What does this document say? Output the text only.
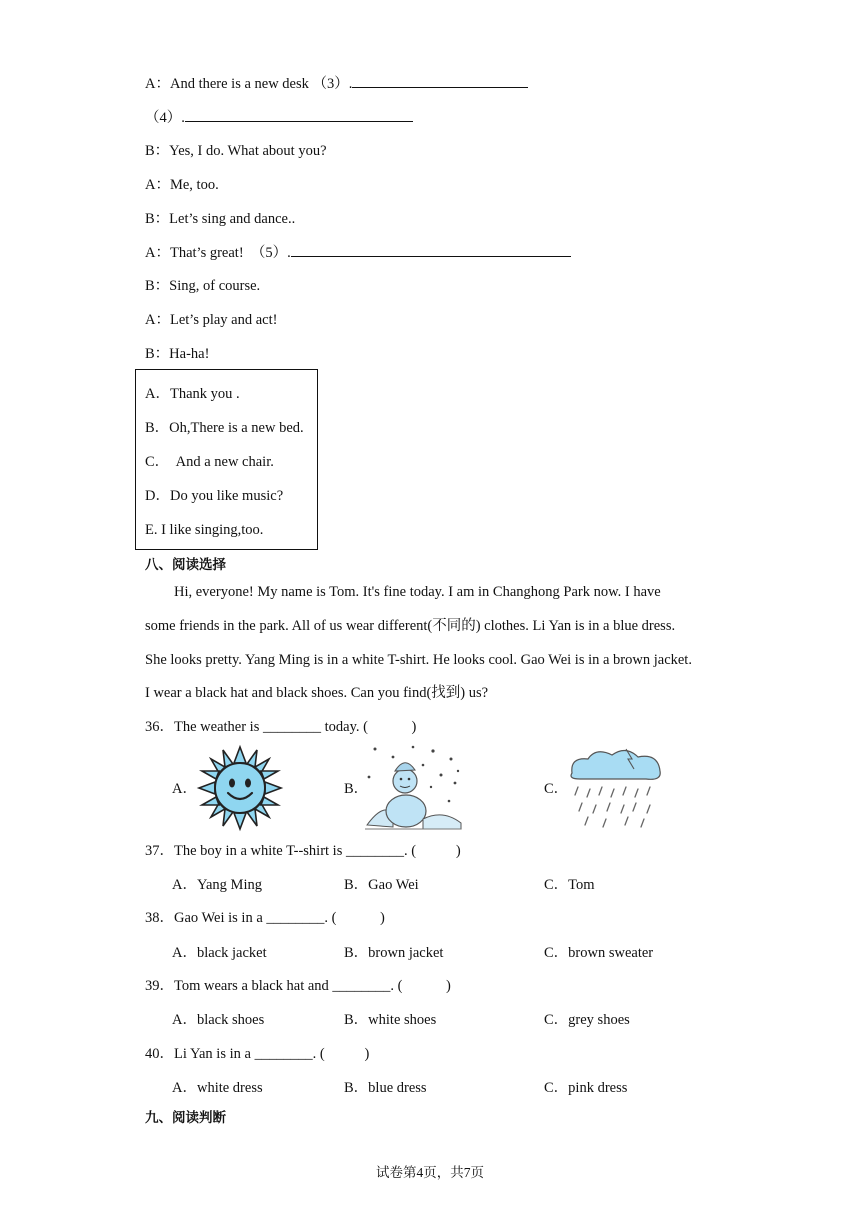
A：And there is a new desk （3）.
（4）.
B：Yes, I do. What about you?
A：Me, too.
B：Let’s sing and dance..
A：That’s great!  （5）.
B：Sing, of course.
A：Let’s play and act!
B：Ha-ha!
A．Thank you .
B．Oh,There is a new bed.
C．  And a new chair.
D．Do you like music?
E. I like singing,too.
八、阅读选择
Hi, everyone! My name is Tom. It's fine today. I am in Changhong Park now. I have
some friends in the park. All of us wear different(不同的) clothes. Li Yan is in a blue dress.
She looks pretty. Yang Ming is in a white T-shirt. He looks cool. Gao Wei is in a brown jacket.
I wear a black hat and black shoes. Can you find(找到) us?
36．The weather is ________ today. (            )
A．	B．	C．
37．The boy in a white T--shirt is ________. (           )
A．Yang Ming	B．Gao Wei	C．Tom
38．Gao Wei is in a ________. (            )
A．black jacket	B．brown jacket	C．brown sweater
39．Tom wears a black hat and ________. (            )
A．black shoes	B．white shoes	C．grey shoes
40．Li Yan is in a ________. (           )
A．white dress	B．blue dress	C．pink dress
九、阅读判断
试卷第4页，共7页
